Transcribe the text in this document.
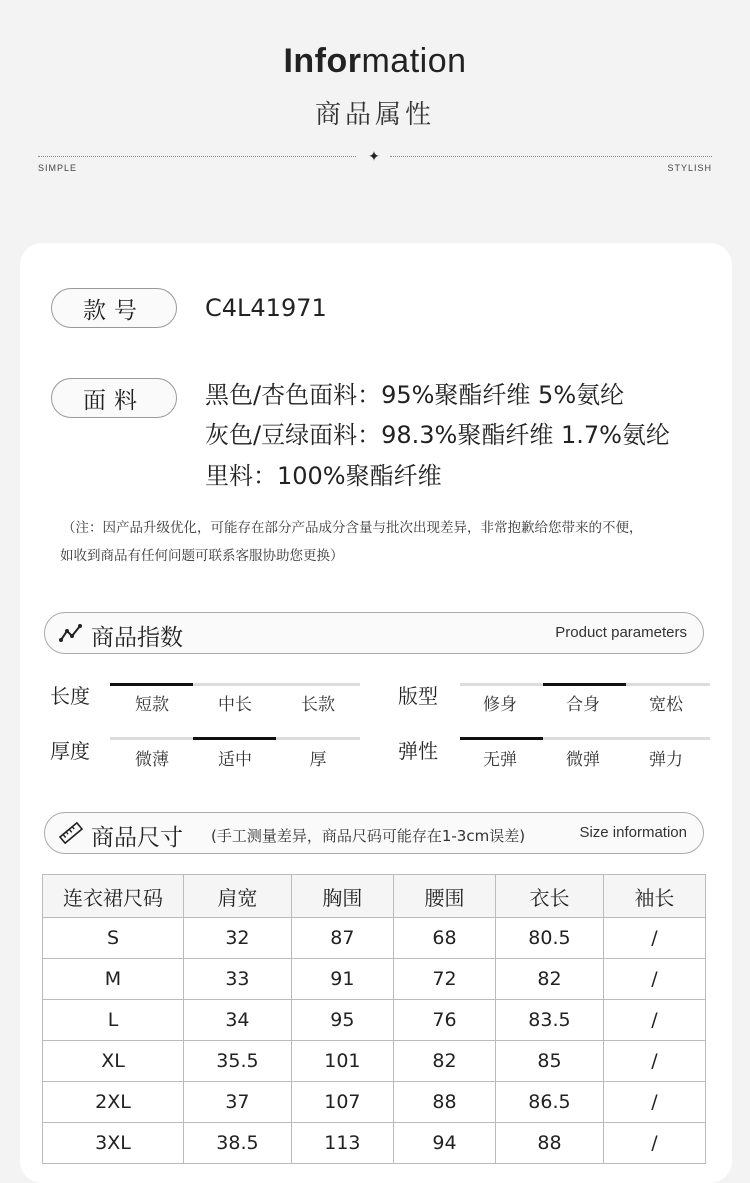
Information
商品属性
✦
SIMPLE	STYLISH
款号	C4L41971
面料	黑色/杏色面料：95%聚酯纤维 5%氨纶
灰色/豆绿面料：98.3%聚酯纤维 1.7%氨纶
里料：100%聚酯纤维
（注：因产品升级优化，可能存在部分产品成分含量与批次出现差异，非常抱歉给您带来的不便，
如收到商品有任何问题可联系客服协助您更换）
商品指数	Product parameters
长度	短款	中长	长款
厚度	微薄	适中	厚
版型	修身	合身	宽松
弹性	无弹	微弹	弹力
商品尺寸 (手工测量差异，商品尺码可能存在1-3cm误差)	Size information
连衣裙尺码	肩宽	胸围	腰围	衣长	袖长
S	32	87	68	80.5	/
M	33	91	72	82	/
L	34	95	76	83.5	/
XL	35.5	101	82	85	/
2XL	37	107	88	86.5	/
3XL	38.5	113	94	88	/
